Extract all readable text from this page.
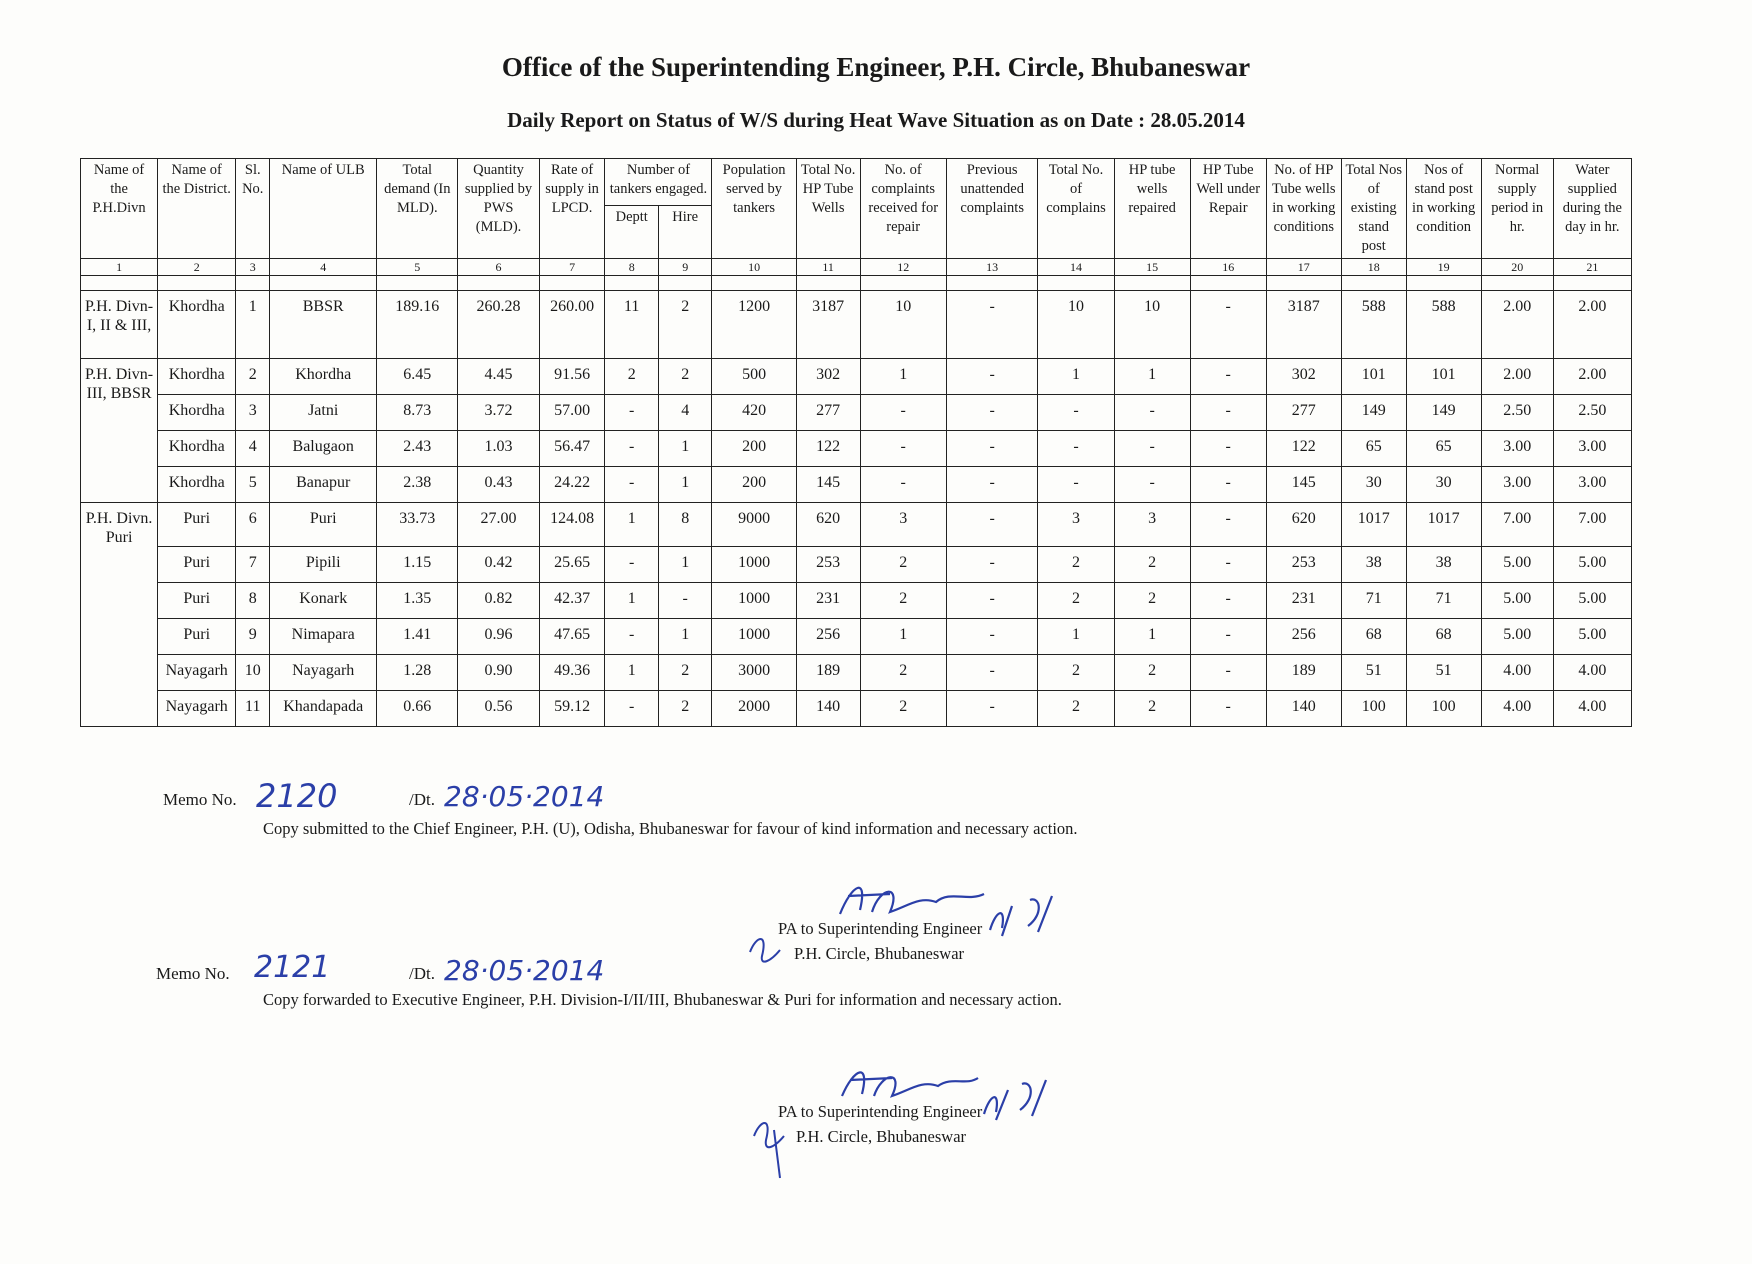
Office of the Superintending Engineer, P.H. Circle, Bhubaneswar
Daily Report on Status of W/S during Heat Wave Situation as on Date : 28.05.2014
Name of the P.H.Divn	Name of the District.	Sl. No.	Name of ULB	Total demand (In MLD).	Quantity supplied by PWS (MLD).	Rate of supply in LPCD.	Number of tankers engaged.		Population served by tankers	Total No. HP Tube Wells	No. of complaints received for repair	Previous unattended complaints	Total No. of complains	HP tube wells repaired	HP Tube Well under Repair	No. of HP Tube wells in working conditions	Total Nos of existing stand post	Nos of stand post in working condition	Normal supply period in hr.	Water supplied during the day in hr.
							Deptt	Hire												
1	2	3	4	5	6	7	8	9	10	11	12	13	14	15	16	17	18	19	20	21

P.H. Divn-I, II & III,	Khordha	1	BBSR	189.16	260.28	260.00	11	2	1200	3187	10	-	10	10	-	3187	588	588	2.00	2.00
P.H. Divn-III, BBSR	Khordha	2	Khordha	6.45	4.45	91.56	2	2	500	302	1	-	1	1	-	302	101	101	2.00	2.00
	Khordha	3	Jatni	8.73	3.72	57.00	-	4	420	277	-	-	-	-	-	277	149	149	2.50	2.50
	Khordha	4	Balugaon	2.43	1.03	56.47	-	1	200	122	-	-	-	-	-	122	65	65	3.00	3.00
	Khordha	5	Banapur	2.38	0.43	24.22	-	1	200	145	-	-	-	-	-	145	30	30	3.00	3.00
P.H. Divn. Puri	Puri	6	Puri	33.73	27.00	124.08	1	8	9000	620	3	-	3	3	-	620	1017	1017	7.00	7.00
	Puri	7	Pipili	1.15	0.42	25.65	-	1	1000	253	2	-	2	2	-	253	38	38	5.00	5.00
	Puri	8	Konark	1.35	0.82	42.37	1	-	1000	231	2	-	2	2	-	231	71	71	5.00	5.00
	Puri	9	Nimapara	1.41	0.96	47.65	-	1	1000	256	1	-	1	1	-	256	68	68	5.00	5.00
	Nayagarh	10	Nayagarh	1.28	0.90	49.36	1	2	3000	189	2	-	2	2	-	189	51	51	4.00	4.00
	Nayagarh	11	Khandapada	0.66	0.56	59.12	-	2	2000	140	2	-	2	2	-	140	100	100	4.00	4.00
Memo No. 2120	/Dt. 28·05·2014
Copy submitted to the Chief Engineer, P.H. (U), Odisha, Bhubaneswar for favour of kind information and necessary action.
PA to Superintending Engineer
P.H. Circle, Bhubaneswar
Memo No. 2121	/Dt. 28·05·2014
Copy forwarded to Executive Engineer, P.H. Division-I/II/III, Bhubaneswar & Puri for information and necessary action.
PA to Superintending Engineer
P.H. Circle, Bhubaneswar
